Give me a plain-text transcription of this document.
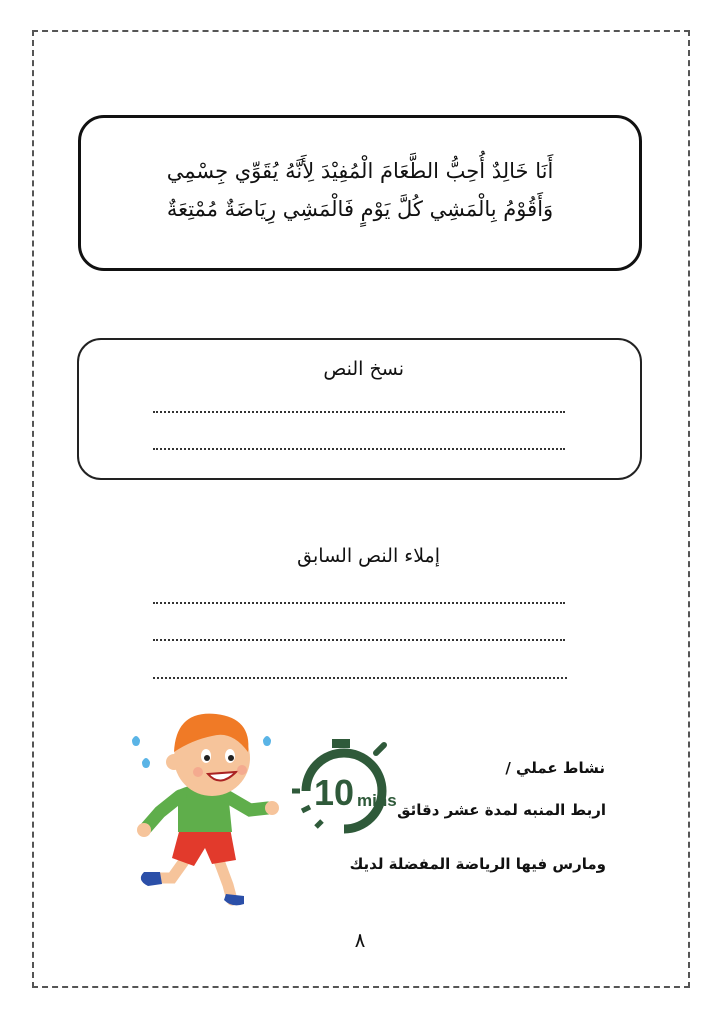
أَنَا خَالِدٌ أُحِبُّ الطَّعَامَ الْمُفِيْدَ لِأَنَّهُ يُقَوِّي جِسْمِي

وَأَقُوْمُ بِالْمَشِي كُلَّ يَوْمٍ فَالْمَشِي رِيَاضَةٌ مُمْتِعَةٌ

نسخ النص
إملاء النص السابق
10 mins
نشاط عملي /
اربط المنبه لمدة عشر دقائق
ومارس فيها الرياضة المفضلة لديك
٨
